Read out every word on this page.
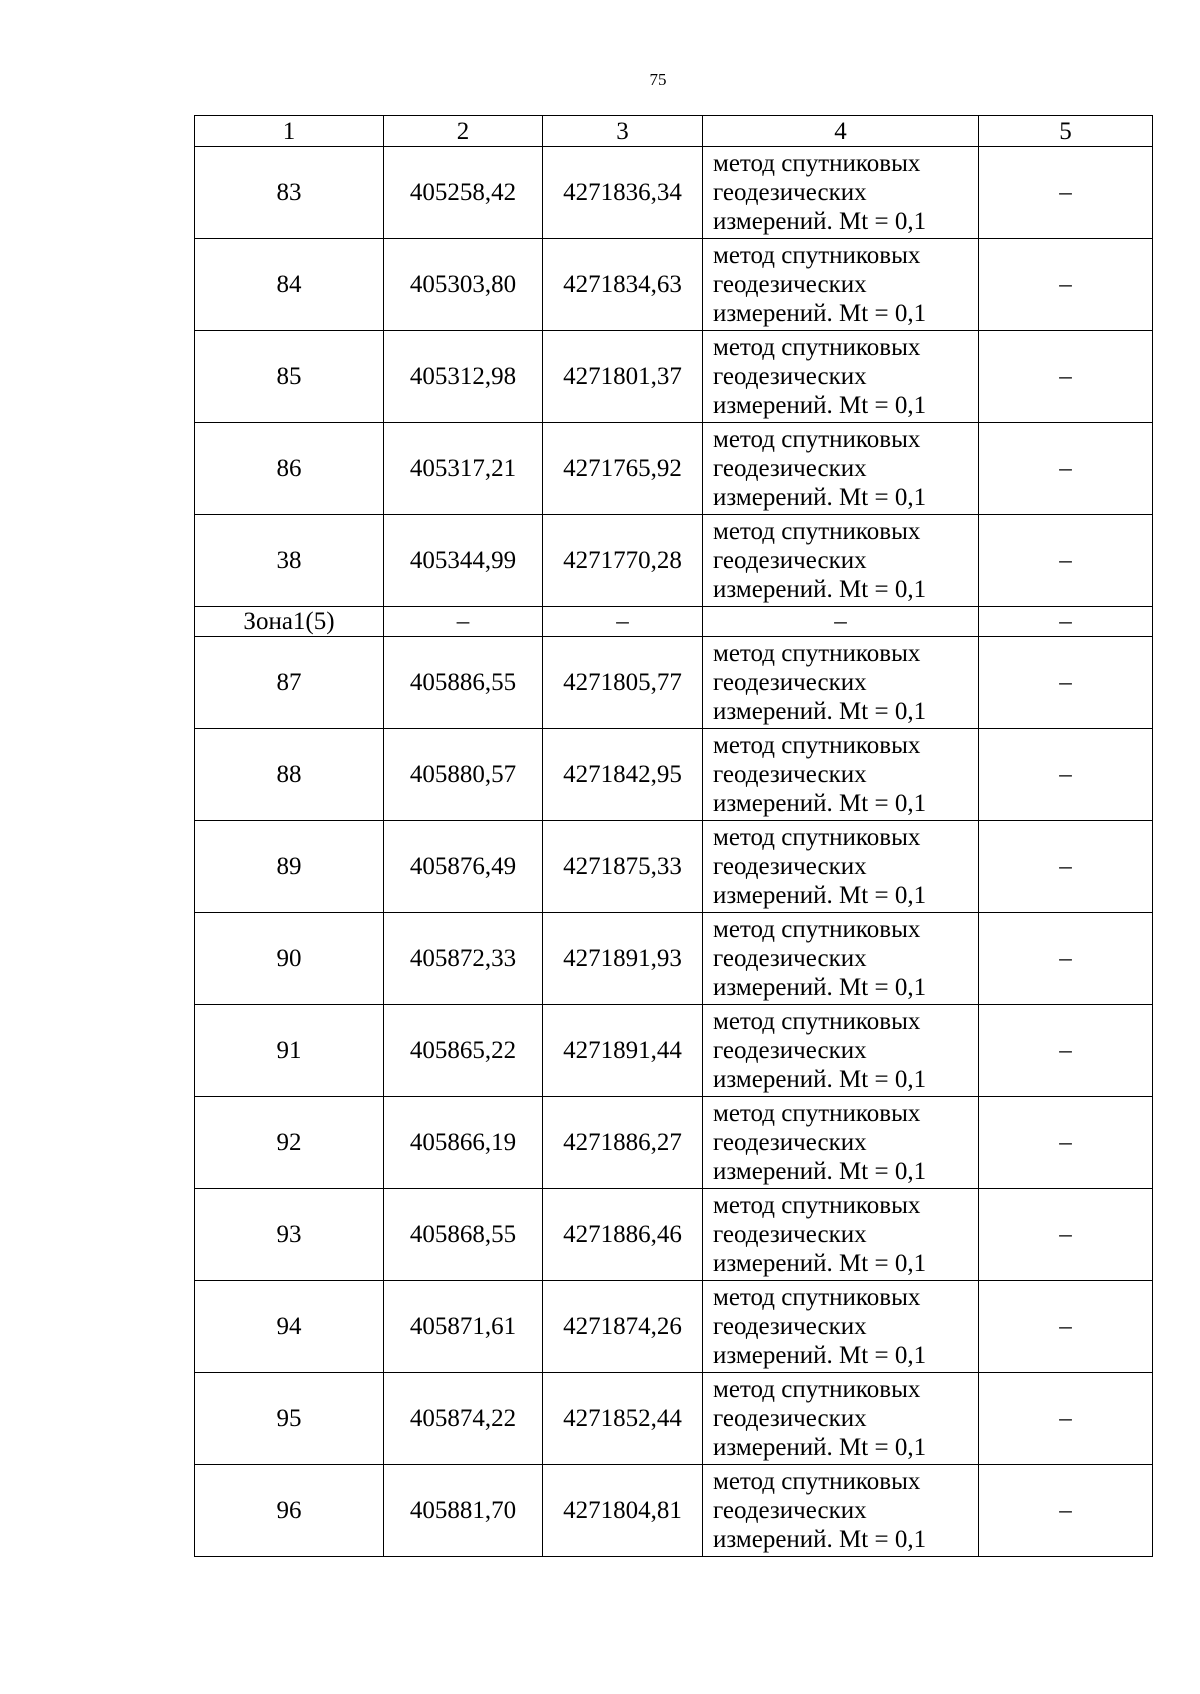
75
1	2	3	4	5
83	405258,42	4271836,34	метод спутниковых
геодезических
измерений. Mt = 0,1	–
84	405303,80	4271834,63	метод спутниковых
геодезических
измерений. Mt = 0,1	–
85	405312,98	4271801,37	метод спутниковых
геодезических
измерений. Mt = 0,1	–
86	405317,21	4271765,92	метод спутниковых
геодезических
измерений. Mt = 0,1	–
38	405344,99	4271770,28	метод спутниковых
геодезических
измерений. Mt = 0,1	–
Зона1(5)	–	–	–	–
87	405886,55	4271805,77	метод спутниковых
геодезических
измерений. Mt = 0,1	–
88	405880,57	4271842,95	метод спутниковых
геодезических
измерений. Mt = 0,1	–
89	405876,49	4271875,33	метод спутниковых
геодезических
измерений. Mt = 0,1	–
90	405872,33	4271891,93	метод спутниковых
геодезических
измерений. Mt = 0,1	–
91	405865,22	4271891,44	метод спутниковых
геодезических
измерений. Mt = 0,1	–
92	405866,19	4271886,27	метод спутниковых
геодезических
измерений. Mt = 0,1	–
93	405868,55	4271886,46	метод спутниковых
геодезических
измерений. Mt = 0,1	–
94	405871,61	4271874,26	метод спутниковых
геодезических
измерений. Mt = 0,1	–
95	405874,22	4271852,44	метод спутниковых
геодезических
измерений. Mt = 0,1	–
96	405881,70	4271804,81	метод спутниковых
геодезических
измерений. Mt = 0,1	–
